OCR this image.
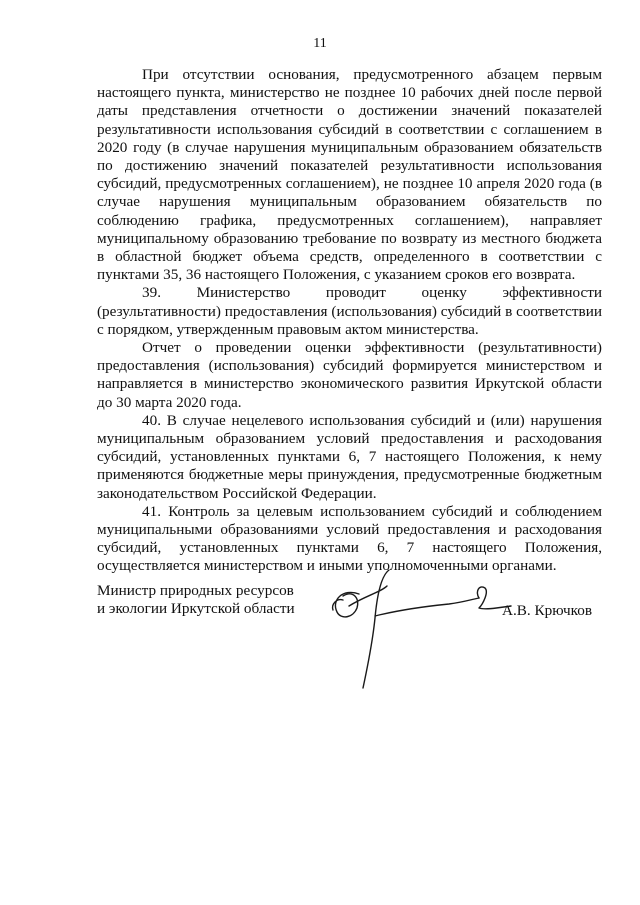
11

При отсутствии основания, предусмотренного абзацем первым настоящего пункта, министерство не позднее 10 рабочих дней после первой даты представления отчетности о достижении значений показателей результативности использования субсидий в соответствии с соглашением в 2020 году (в случае нарушения муниципальным образованием обязательств по достижению значений показателей результативности использования субсидий, предусмотренных соглашением), не позднее 10 апреля 2020 года (в случае нарушения муниципальным образованием обязательств по соблюдению графика, предусмотренных соглашением), направляет муниципальному образованию требование по возврату из местного бюджета в областной бюджет объема средств, определенного в соответствии с пунктами 35, 36 настоящего Положения, с указанием сроков его возврата.

39. Министерство проводит оценку эффективности (результативности) предоставления (использования) субсидий в соответствии с порядком, утвержденным правовым актом министерства.

Отчет о проведении оценки эффективности (результативности) предоставления (использования) субсидий формируется министерством и направляется в министерство экономического развития Иркутской области до 30 марта 2020 года.

40. В случае нецелевого использования субсидий и (или) нарушения муниципальным образованием условий предоставления и расходования субсидий, установленных пунктами 6, 7 настоящего Положения, к нему применяются бюджетные меры принуждения, предусмотренные бюджетным законодательством Российской Федерации.

41. Контроль за целевым использованием субсидий и соблюдением муниципальными образованиями условий предоставления и расходования субсидий, установленных пунктами 6, 7 настоящего Положения, осуществляется министерством и иными уполномоченными органами.

Министр природных ресурсов
и экологии Иркутской области	А.В. Крючков
